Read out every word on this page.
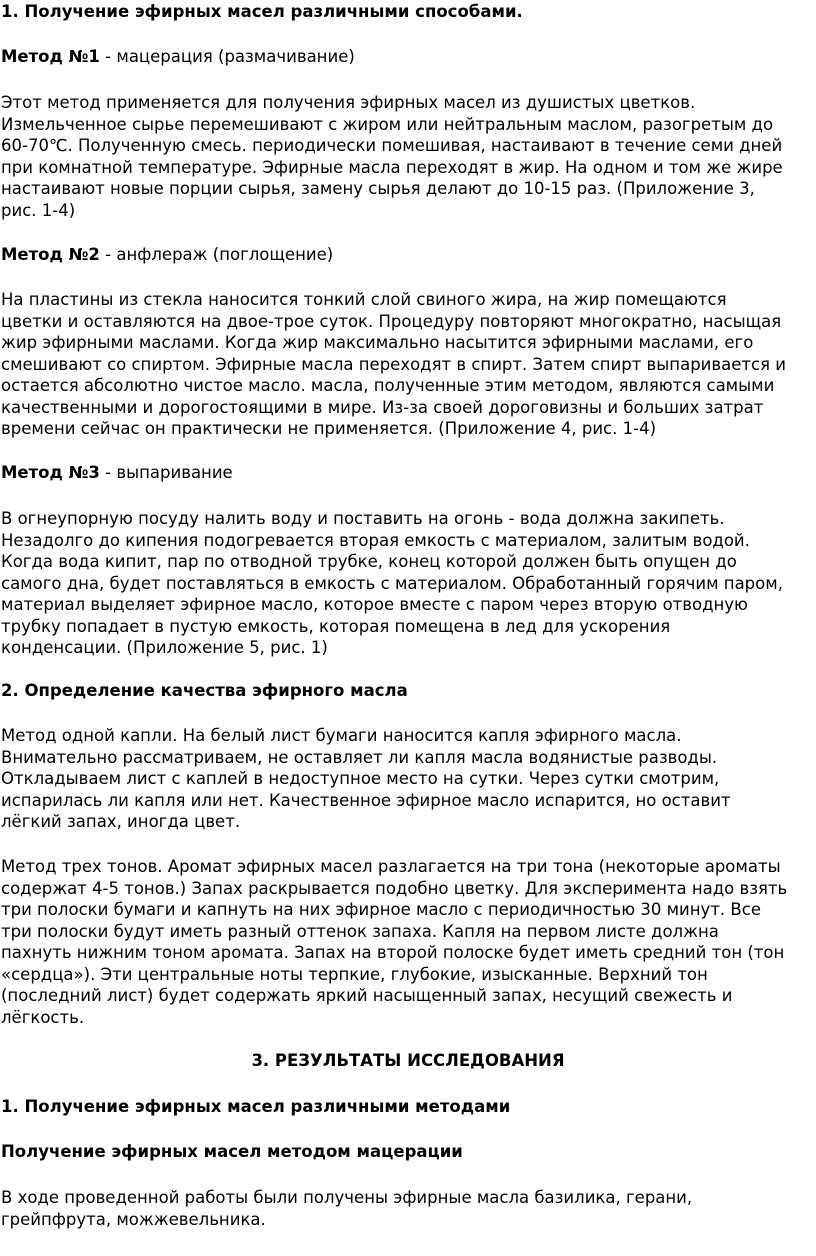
1. Получение эфирных масел различными способами.

Метод №1 - мацерация (размачивание)

Этот метод применяется для получения эфирных масел из душистых цветков.
Измельченное сырье перемешивают с жиром или нейтральным маслом, разогретым до
60-70℃. Полученную смесь. периодически помешивая, настаивают в течение семи дней
при комнатной температуре. Эфирные масла переходят в жир. На одном и том же жире
настаивают новые порции сырья, замену сырья делают до 10-15 раз. (Приложение 3,
рис. 1-4)

Метод №2 - анфлераж (поглощение)

На пластины из стекла наносится тонкий слой свиного жира, на жир помещаются
цветки и оставляются на двое-трое суток. Процедуру повторяют многократно, насыщая
жир эфирными маслами. Когда жир максимально насытится эфирными маслами, его
смешивают со спиртом. Эфирные масла переходят в спирт. Затем спирт выпаривается и
остается абсолютно чистое масло. масла, полученные этим методом, являются самыми
качественными и дорогостоящими в мире. Из-за своей дороговизны и больших затрат
времени сейчас он практически не применяется. (Приложение 4, рис. 1-4)

Метод №3 - выпаривание

В огнеупорную посуду налить воду и поставить на огонь - вода должна закипеть.
Незадолго до кипения подогревается вторая емкость с материалом, залитым водой.
Когда вода кипит, пар по отводной трубке, конец которой должен быть опущен до
самого дна, будет поставляться в емкость с материалом. Обработанный горячим паром,
материал выделяет эфирное масло, которое вместе с паром через вторую отводную
трубку попадает в пустую емкость, которая помещена в лед для ускорения
конденсации. (Приложение 5, рис. 1)

2. Определение качества эфирного масла

Метод одной капли. На белый лист бумаги наносится капля эфирного масла.
Внимательно рассматриваем, не оставляет ли капля масла водянистые разводы.
Откладываем лист с каплей в недоступное место на сутки. Через сутки смотрим,
испарилась ли капля или нет. Качественное эфирное масло испарится, но оставит
лёгкий запах, иногда цвет.

Метод трех тонов. Аромат эфирных масел разлагается на три тона (некоторые ароматы
содержат 4-5 тонов.) Запах раскрывается подобно цветку. Для эксперимента надо взять
три полоски бумаги и капнуть на них эфирное масло с периодичностью 30 минут. Все
три полоски будут иметь разный оттенок запаха. Капля на первом листе должна
пахнуть нижним тоном аромата. Запах на второй полоске будет иметь средний тон (тон
«сердца»). Эти центральные ноты терпкие, глубокие, изысканные. Верхний тон
(последний лист) будет содержать яркий насыщенный запах, несущий свежесть и
лёгкость.

3. РЕЗУЛЬТАТЫ ИССЛЕДОВАНИЯ

1. Получение эфирных масел различными методами

Получение эфирных масел методом мацерации

В ходе проведенной работы были получены эфирные масла базилика, герани,
грейпфрута, можжевельника.
